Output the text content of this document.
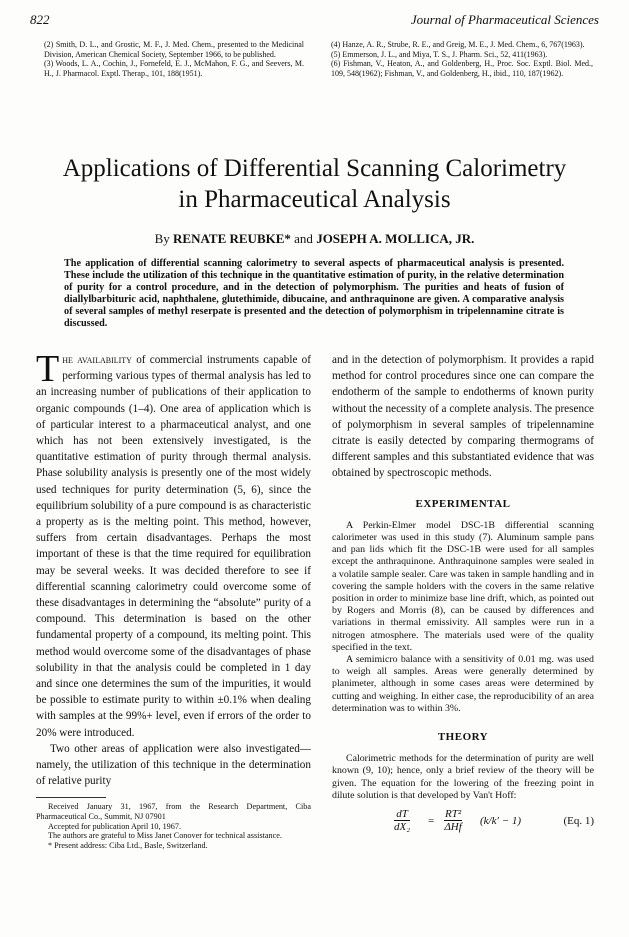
822	Journal of Pharmaceutical Sciences

(2) Smith, D. L., and Grostic, M. F., J. Med. Chem., presented to the Medicinal Division, American Chemical Society, September 1966, to be published.

(3) Woods, L. A., Cochin, J., Fornefeld, E. J., McMahon, F. G., and Seevers, M. H., J. Pharmacol. Exptl. Therap., 101, 188(1951).

(4) Hanze, A. R., Strube, R. E., and Greig, M. E., J. Med. Chem., 6, 767(1963).

(5) Emmerson, J. L., and Miya, T. S., J. Pharm. Sci., 52, 411(1963).

(6) Fishman, V., Heaton, A., and Goldenberg, H., Proc. Soc. Exptl. Biol. Med., 109, 548(1962); Fishman, V., and Goldenberg, H., ibid., 110, 187(1962).

Applications of Differential Scanning Calorimetry
in Pharmaceutical Analysis
By RENATE REUBKE* and JOSEPH A. MOLLICA, JR.

The application of differential scanning calorimetry to several aspects of pharmaceutical analysis is presented. These include the utilization of this technique in the quantitative estimation of purity, in the relative determination of purity for a control procedure, and in the detection of polymorphism. The purities and heats of fusion of diallylbarbituric acid, naphthalene, glutethimide, dibucaine, and anthraquinone are given. A comparative analysis of several samples of methyl reserpate is presented and the detection of polymorphism in tripelennamine citrate is discussed.

The availability of commercial instruments capable of performing various types of thermal analysis has led to an increasing number of publications of their application to organic compounds (1–4). One area of application which is of particular interest to a pharmaceutical analyst, and one which has not been extensively investigated, is the quantitative estimation of purity through thermal analysis. Phase solubility analysis is presently one of the most widely used techniques for purity determination (5, 6), since the equilibrium solubility of a pure compound is as characteristic a property as is the melting point. This method, however, suffers from certain disadvantages. Perhaps the most important of these is that the time required for equilibration may be several weeks. It was decided therefore to see if differential scanning calorimetry could overcome some of these disadvantages in determining the “absolute” purity of a compound. This determination is based on the other fundamental property of a compound, its melting point. This method would overcome some of the disadvantages of phase solubility in that the analysis could be completed in 1 day and since one determines the sum of the impurities, it would be possible to estimate purity to within ±0.1% when dealing with samples at the 99%+ level, even if errors of the order to 20% were introduced.

Two other areas of application were also investigated—namely, the utilization of this technique in the determination of relative purity

Received January 31, 1967, from the Research Department, Ciba Pharmaceutical Co., Summit, NJ 07901

Accepted for publication April 10, 1967.

The authors are grateful to Miss Janet Conover for technical assistance.

* Present address: Ciba Ltd., Basle, Switzerland.

and in the detection of polymorphism. It provides a rapid method for control procedures since one can compare the endotherm of the sample to endotherms of known purity without the necessity of a complete analysis. The presence of polymorphism in several samples of tripelennamine citrate is easily detected by comparing thermograms of different samples and this substantiated evidence that was obtained by spectroscopic methods.

EXPERIMENTAL

A Perkin-Elmer model DSC-1B differential scanning calorimeter was used in this study (7). Aluminum sample pans and pan lids which fit the DSC-1B were used for all samples except the anthraquinone. Anthraquinone samples were sealed in a volatile sample sealer. Care was taken in sample handling and in covering the sample holders with the covers in the same relative position in order to minimize base line drift, which, as pointed out by Rogers and Morris (8), can be caused by differences and variations in thermal emissivity. All samples were run in a nitrogen atmosphere. The materials used were of the quality specified in the text.

A semimicro balance with a sensitivity of 0.01 mg. was used to weigh all samples. Areas were generally determined by planimeter, although in some cases areas were determined by cutting and weighing. In either case, the reproducibility of an area determination was to within 3%.

THEORY

Calorimetric methods for the determination of purity are well known (9, 10); hence, only a brief review of the theory will be given. The equation for the lowering of the freezing point in dilute solution is that developed by Van't Hoff:

$\frac{dT}{\text{dX₂}}$ =
RT²
ΔHf
(k/k′ − 1)	(Eq. 1)
